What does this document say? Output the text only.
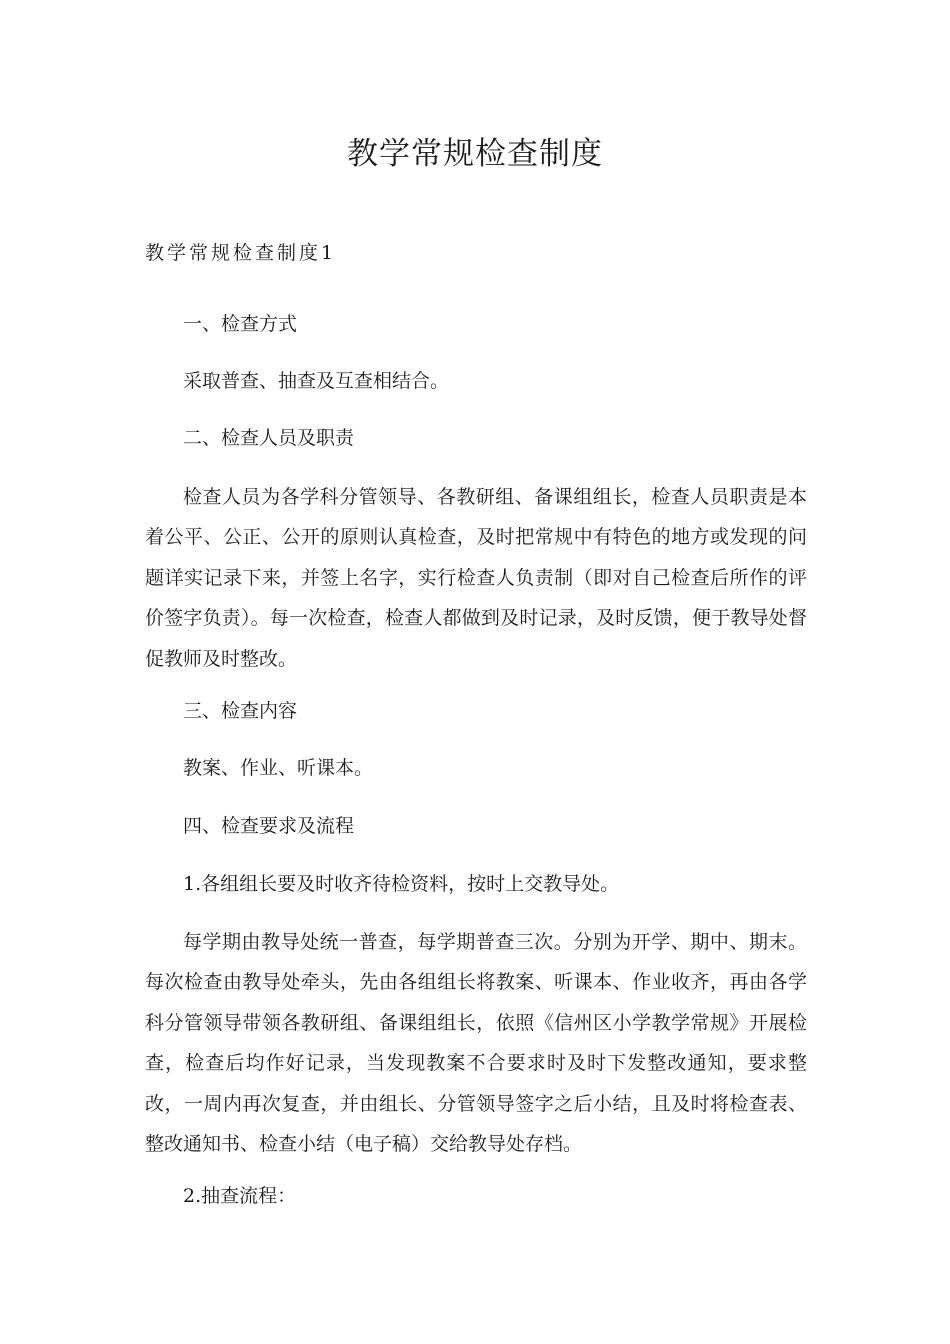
教学常规检查制度
教学常规检查制度1

一、检查方式

采取普查、抽查及互查相结合。

二、检查人员及职责

检查人员为各学科分管领导、各教研组、备课组组长，检查人员职责是本着公平、公正、公开的原则认真检查，及时把常规中有特色的地方或发现的问题详实记录下来，并签上名字，实行检查人负责制（即对自己检查后所作的评价签字负责）。每一次检查，检查人都做到及时记录，及时反馈，便于教导处督促教师及时整改。

三、检查内容

教案、作业、听课本。

四、检查要求及流程

1.各组组长要及时收齐待检资料，按时上交教导处。

每学期由教导处统一普查，每学期普查三次。分别为开学、期中、期末。每次检查由教导处牵头，先由各组组长将教案、听课本、作业收齐，再由各学科分管领导带领各教研组、备课组组长，依照《信州区小学教学常规》开展检查，检查后均作好记录，当发现教案不合要求时及时下发整改通知，要求整改，一周内再次复查，并由组长、分管领导签字之后小结，且及时将检查表、整改通知书、检查小结（电子稿）交给教导处存档。

2.抽查流程：
